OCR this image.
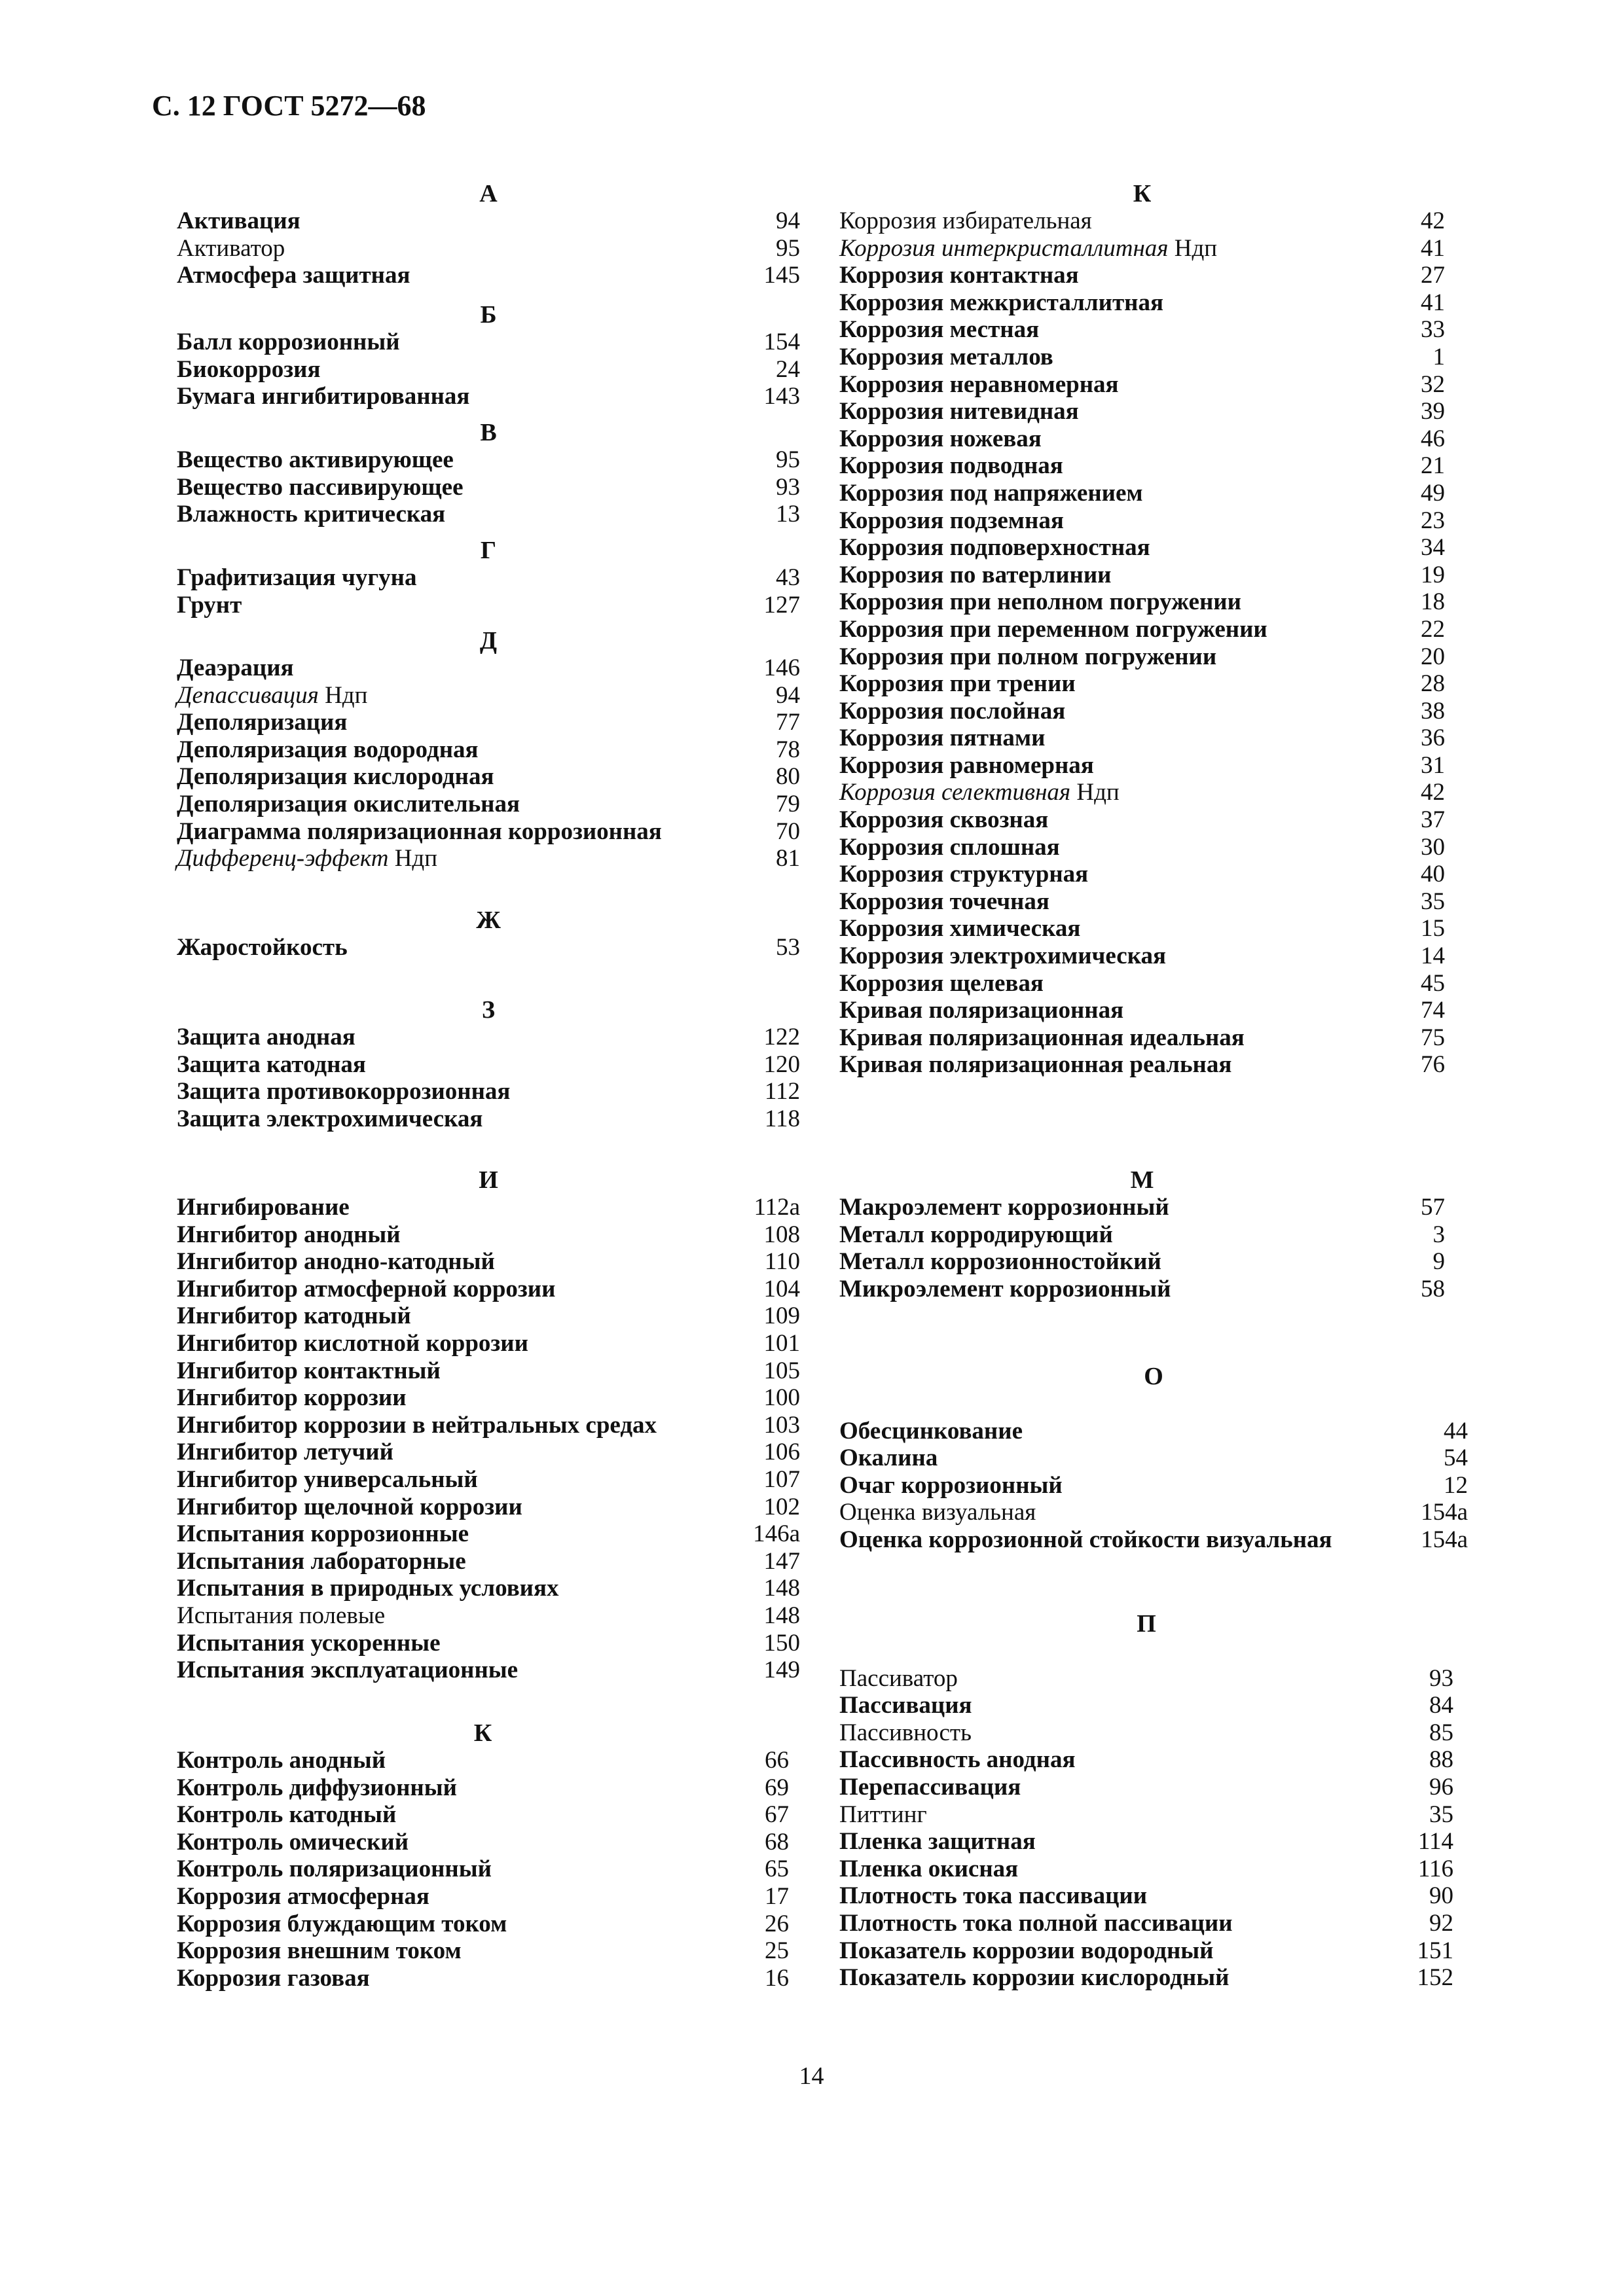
С. 12 ГОСТ 5272—68
А
Активация	94
Активатор	95
Атмосфера защитная	145
Б
Балл коррозионный	154
Биокоррозия	24
Бумага ингибитированная	143
В
Вещество активирующее	95
Вещество пассивирующее	93
Влажность критическая	13
Г
Графитизация чугуна	43
Грунт	127
Д
Деаэрация	146
Депассивация Ндп	94
Деполяризация	77
Деполяризация водородная	78
Деполяризация кислородная	80
Деполяризация окислительная	79
Диаграмма поляризационная коррозионная	70
Дифференц-эффект Ндп	81
Ж
Жаростойкость	53
З
Защита анодная	122
Защита катодная	120
Защита противокоррозионная	112
Защита электрохимическая	118
И
Ингибирование	112а
Ингибитор анодный	108
Ингибитор анодно-катодный	110
Ингибитор атмосферной коррозии	104
Ингибитор катодный	109
Ингибитор кислотной коррозии	101
Ингибитор контактный	105
Ингибитор коррозии	100
Ингибитор коррозии в нейтральных средах	103
Ингибитор летучий	106
Ингибитор универсальный	107
Ингибитор щелочной коррозии	102
Испытания коррозионные	146а
Испытания лабораторные	147
Испытания в природных условиях	148
Испытания полевые	148
Испытания ускоренные	150
Испытания эксплуатационные	149
К
Контроль анодный	66
Контроль диффузионный	69
Контроль катодный	67
Контроль омический	68
Контроль поляризационный	65
Коррозия атмосферная	17
Коррозия блуждающим током	26
Коррозия внешним током	25
Коррозия газовая	16
К
Коррозия избирательная	42
Коррозия интеркристаллитная Ндп	41
Коррозия контактная	27
Коррозия межкристаллитная	41
Коррозия местная	33
Коррозия металлов	1
Коррозия неравномерная	32
Коррозия нитевидная	39
Коррозия ножевая	46
Коррозия подводная	21
Коррозия под напряжением	49
Коррозия подземная	23
Коррозия подповерхностная	34
Коррозия по ватерлинии	19
Коррозия при неполном погружении	18
Коррозия при переменном погружении	22
Коррозия при полном погружении	20
Коррозия при трении	28
Коррозия послойная	38
Коррозия пятнами	36
Коррозия равномерная	31
Коррозия селективная Ндп	42
Коррозия сквозная	37
Коррозия сплошная	30
Коррозия структурная	40
Коррозия точечная	35
Коррозия химическая	15
Коррозия электрохимическая	14
Коррозия щелевая	45
Кривая поляризационная	74
Кривая поляризационная идеальная	75
Кривая поляризационная реальная	76
М
Макроэлемент коррозионный	57
Металл корродирующий	3
Металл коррозионностойкий	9
Микроэлемент коррозионный	58
О
Обесцинкование	44
Окалина	54
Очаг коррозионный	12
Оценка визуальная	154а
Оценка коррозионной стойкости визуальная	154а
П
Пассиватор	93
Пассивация	84
Пассивность	85
Пассивность анодная	88
Перепассивация	96
Питтинг	35
Пленка защитная	114
Пленка окисная	116
Плотность тока пассивации	90
Плотность тока полной пассивации	92
Показатель коррозии водородный	151
Показатель коррозии кислородный	152
14
